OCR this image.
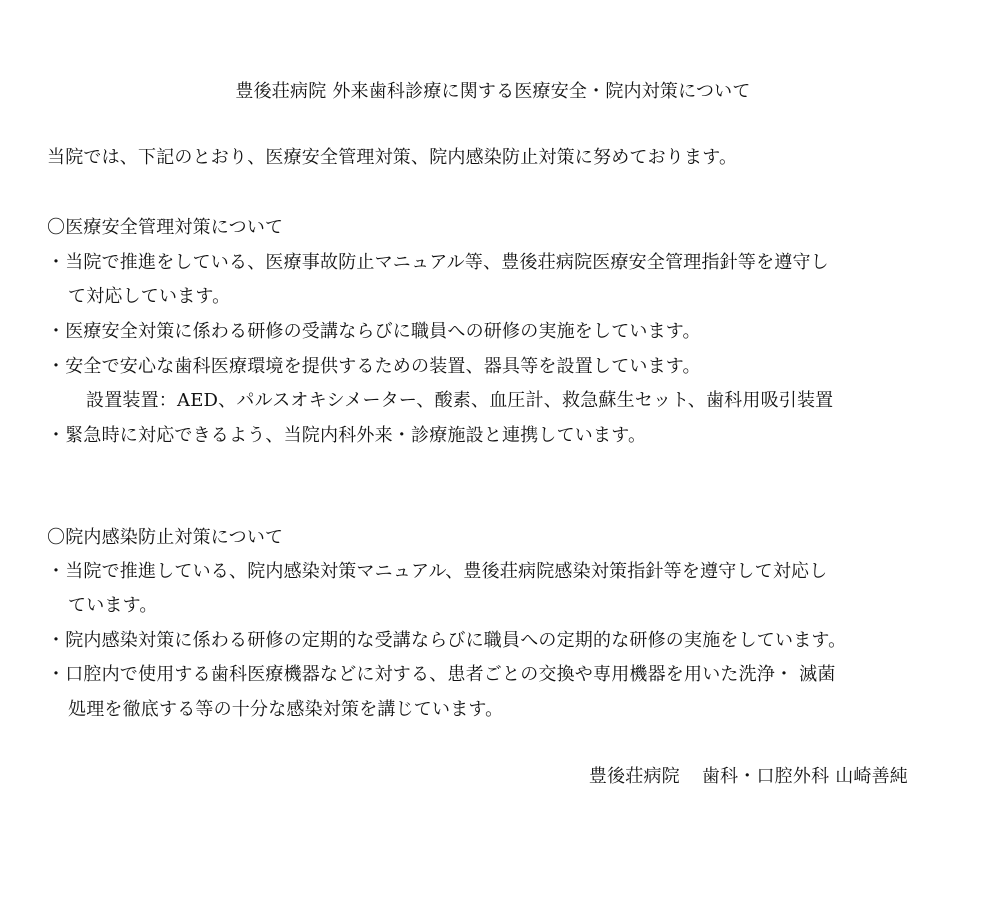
豊後荘病院 外来歯科診療に関する医療安全・院内対策について
当院では、下記のとおり、医療安全管理対策、院内感染防止対策に努めております。
〇医療安全管理対策について
・当院で推進をしている、医療事故防止マニュアル等、豊後荘病院医療安全管理指針等を遵守し
て対応しています。
・医療安全対策に係わる研修の受講ならびに職員への研修の実施をしています。
・安全で安心な歯科医療環境を提供するための装置、器具等を設置しています。
設置装置：AED、パルスオキシメーター、酸素、血圧計、救急蘇生セット、歯科用吸引装置
・緊急時に対応できるよう、当院内科外来・診療施設と連携しています。
〇院内感染防止対策について
・当院で推進している、院内感染対策マニュアル、豊後荘病院感染対策指針等を遵守して対応し
ています。
・院内感染対策に係わる研修の定期的な受講ならびに職員への定期的な研修の実施をしています。
・口腔内で使用する歯科医療機器などに対する、患者ごとの交換や専用機器を用いた洗浄・ 滅菌
処理を徹底する等の十分な感染対策を講じています。
豊後荘病院 歯科・口腔外科 山崎善純
